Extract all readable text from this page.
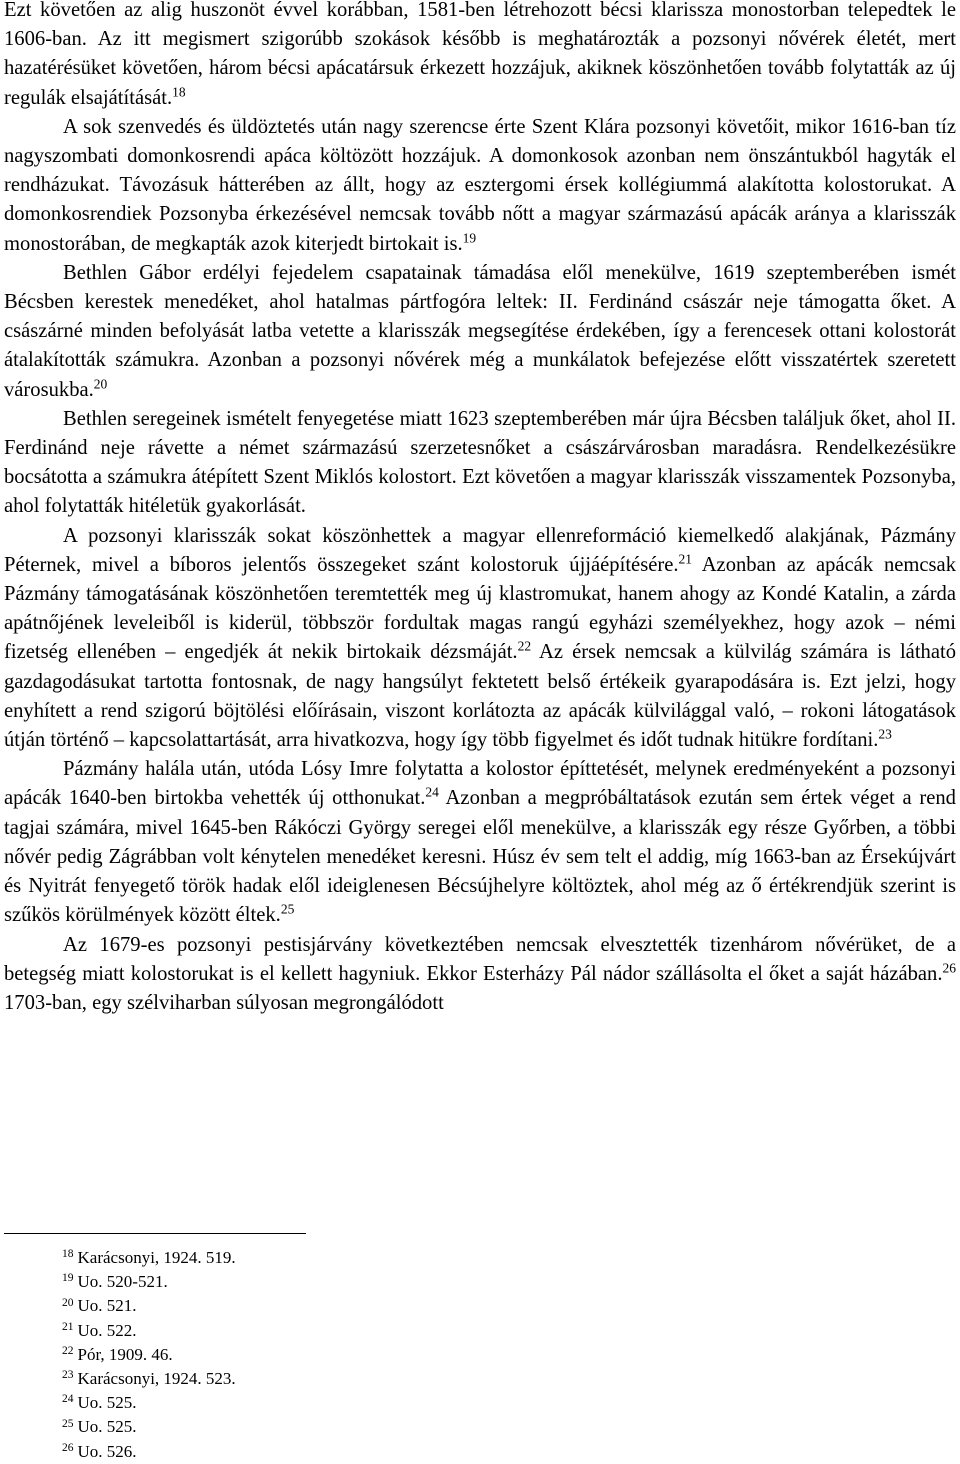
Ezt követően az alig huszonöt évvel korábban, 1581-ben létrehozott bécsi klarissza monostorban telepedtek le 1606-ban. Az itt megismert szigorúbb szokások később is meghatározták a pozsonyi nővérek életét, mert hazatérésüket követően, három bécsi apácatársuk érkezett hozzájuk, akiknek köszönhetően tovább folytatták az új regulák elsajátítását.$^{18}$

A sok szenvedés és üldöztetés után nagy szerencse érte Szent Klára pozsonyi követőit, mikor 1616-ban tíz nagyszombati domonkosrendi apáca költözött hozzájuk. A domonkosok azonban nem önszántukból hagyták el rendházukat. Távozásuk hátterében az állt, hogy az esztergomi érsek kollégiummá alakította kolostorukat. A domonkosrendiek Pozsonyba érkezésével nemcsak tovább nőtt a magyar származású apácák aránya a klarisszák monostorában, de megkapták azok kiterjedt birtokait is.$^{19}$

Bethlen Gábor erdélyi fejedelem csapatainak támadása elől menekülve, 1619 szeptemberében ismét Bécsben kerestek menedéket, ahol hatalmas pártfogóra leltek: II. Ferdinánd császár neje támogatta őket. A császárné minden befolyását latba vetette a klarisszák megsegítése érdekében, így a ferencesek ottani kolostorát átalakították számukra. Azonban a pozsonyi nővérek még a munkálatok befejezése előtt visszatértek szeretett városukba.$^{20}$

Bethlen seregeinek ismételt fenyegetése miatt 1623 szeptemberében már újra Bécsben találjuk őket, ahol II. Ferdinánd neje rávette a német származású szerzetesnőket a császárvárosban maradásra. Rendelkezésükre bocsátotta a számukra átépített Szent Miklós kolostort. Ezt követően a magyar klarisszák visszamentek Pozsonyba, ahol folytatták hitéletük gyakorlását.

A pozsonyi klarisszák sokat köszönhettek a magyar ellenreformáció kiemelkedő alakjának, Pázmány Péternek, mivel a bíboros jelentős összegeket szánt kolostoruk újjáépítésére.$^{21}$ Azonban az apácák nemcsak Pázmány támogatásának köszönhetően teremtették meg új klastromukat, hanem ahogy az Kondé Katalin, a zárda apátnőjének leveleiből is kiderül, többször fordultak magas rangú egyházi személyekhez, hogy azok – némi fizetség ellenében – engedjék át nekik birtokaik dézsmáját.$^{22}$ Az érsek nemcsak a külvilág számára is látható gazdagodásukat tartotta fontosnak, de nagy hangsúlyt fektetett belső értékeik gyarapodására is. Ezt jelzi, hogy enyhített a rend szigorú böjtölési előírásain, viszont korlátozta az apácák külvilággal való, – rokoni látogatások útján történő – kapcsolattartását, arra hivatkozva, hogy így több figyelmet és időt tudnak hitükre fordítani.$^{23}$

Pázmány halála után, utóda Lósy Imre folytatta a kolostor építtetését, melynek eredményeként a pozsonyi apácák 1640-ben birtokba vehették új otthonukat.$^{24}$ Azonban a megpróbáltatások ezután sem értek véget a rend tagjai számára, mivel 1645-ben Rákóczi György seregei elől menekülve, a klarisszák egy része Győrben, a többi nővér pedig Zágrábban volt kénytelen menedéket keresni. Húsz év sem telt el addig, míg 1663-ban az Érsekújvárt és Nyitrát fenyegető török hadak elől ideiglenesen Bécsújhelyre költöztek, ahol még az ő értékrendjük szerint is szűkös körülmények között éltek.$^{25}$

Az 1679-es pozsonyi pestisjárvány következtében nemcsak elvesztették tizenhárom nővérüket, de a betegség miatt kolostorukat is el kellett hagyniuk. Ekkor Esterházy Pál nádor szállásolta el őket a saját házában.$^{26}$ 1703-ban, egy szélviharban súlyosan megrongálódott

$^{18}$ Karácsonyi, 1924. 519.
$^{19}$ Uo. 520-521.
$^{20}$ Uo. 521.
$^{21}$ Uo. 522.
$^{22}$ Pór, 1909. 46.
$^{23}$ Karácsonyi, 1924. 523.
$^{24}$ Uo. 525.
$^{25}$ Uo. 525.
$^{26}$ Uo. 526.
